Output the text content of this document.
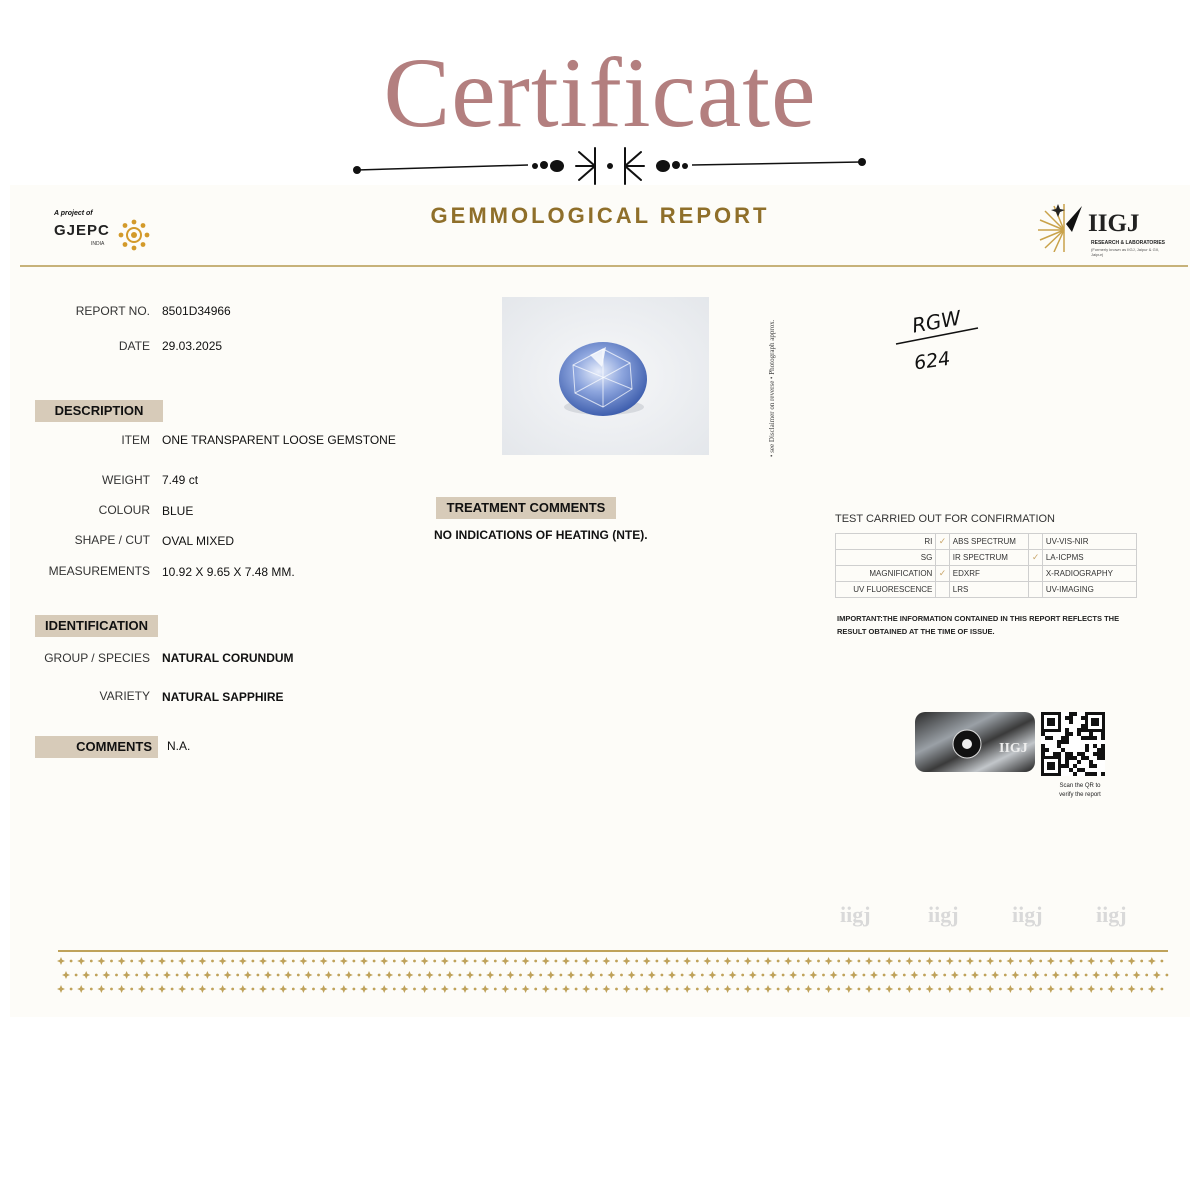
Certificate
A project of
GJEPC
INDIA
GEMMOLOGICAL REPORT	IIGJ
RESEARCH & LABORATORIES
(Formerly known as IIGJ, Jaipur & GII, Jaipur)
REPORT NO. 8501D34966
DATE 29.03.2025
DESCRIPTION
ITEM ONE TRANSPARENT LOOSE GEMSTONE
WEIGHT 7.49 ct
COLOUR BLUE
SHAPE / CUT OVAL MIXED
MEASUREMENTS 10.92 X 9.65 X 7.48 MM.
IDENTIFICATION
GROUP / SPECIES NATURAL CORUNDUM
VARIETY NATURAL SAPPHIRE
COMMENTS	N.A.
• see Disclaimer on reverse • Photograph approx.	RGW
624
TREATMENT COMMENTS
NO INDICATIONS OF HEATING (NTE).
TEST CARRIED OUT FOR CONFIRMATION
RI	✓	ABS SPECTRUM		UV-VIS-NIR
SG		IR SPECTRUM	✓	LA-ICPMS
MAGNIFICATION	✓	EDXRF		X-RADIOGRAPHY
UV FLUORESCENCE		LRS		UV-IMAGING
IMPORTANT:THE INFORMATION CONTAINED IN THIS REPORT REFLECTS THE RESULT OBTAINED AT THE TIME OF ISSUE.
IIGJ
Scan the QR to
verify the report
iigj	iigj iigj iigj
